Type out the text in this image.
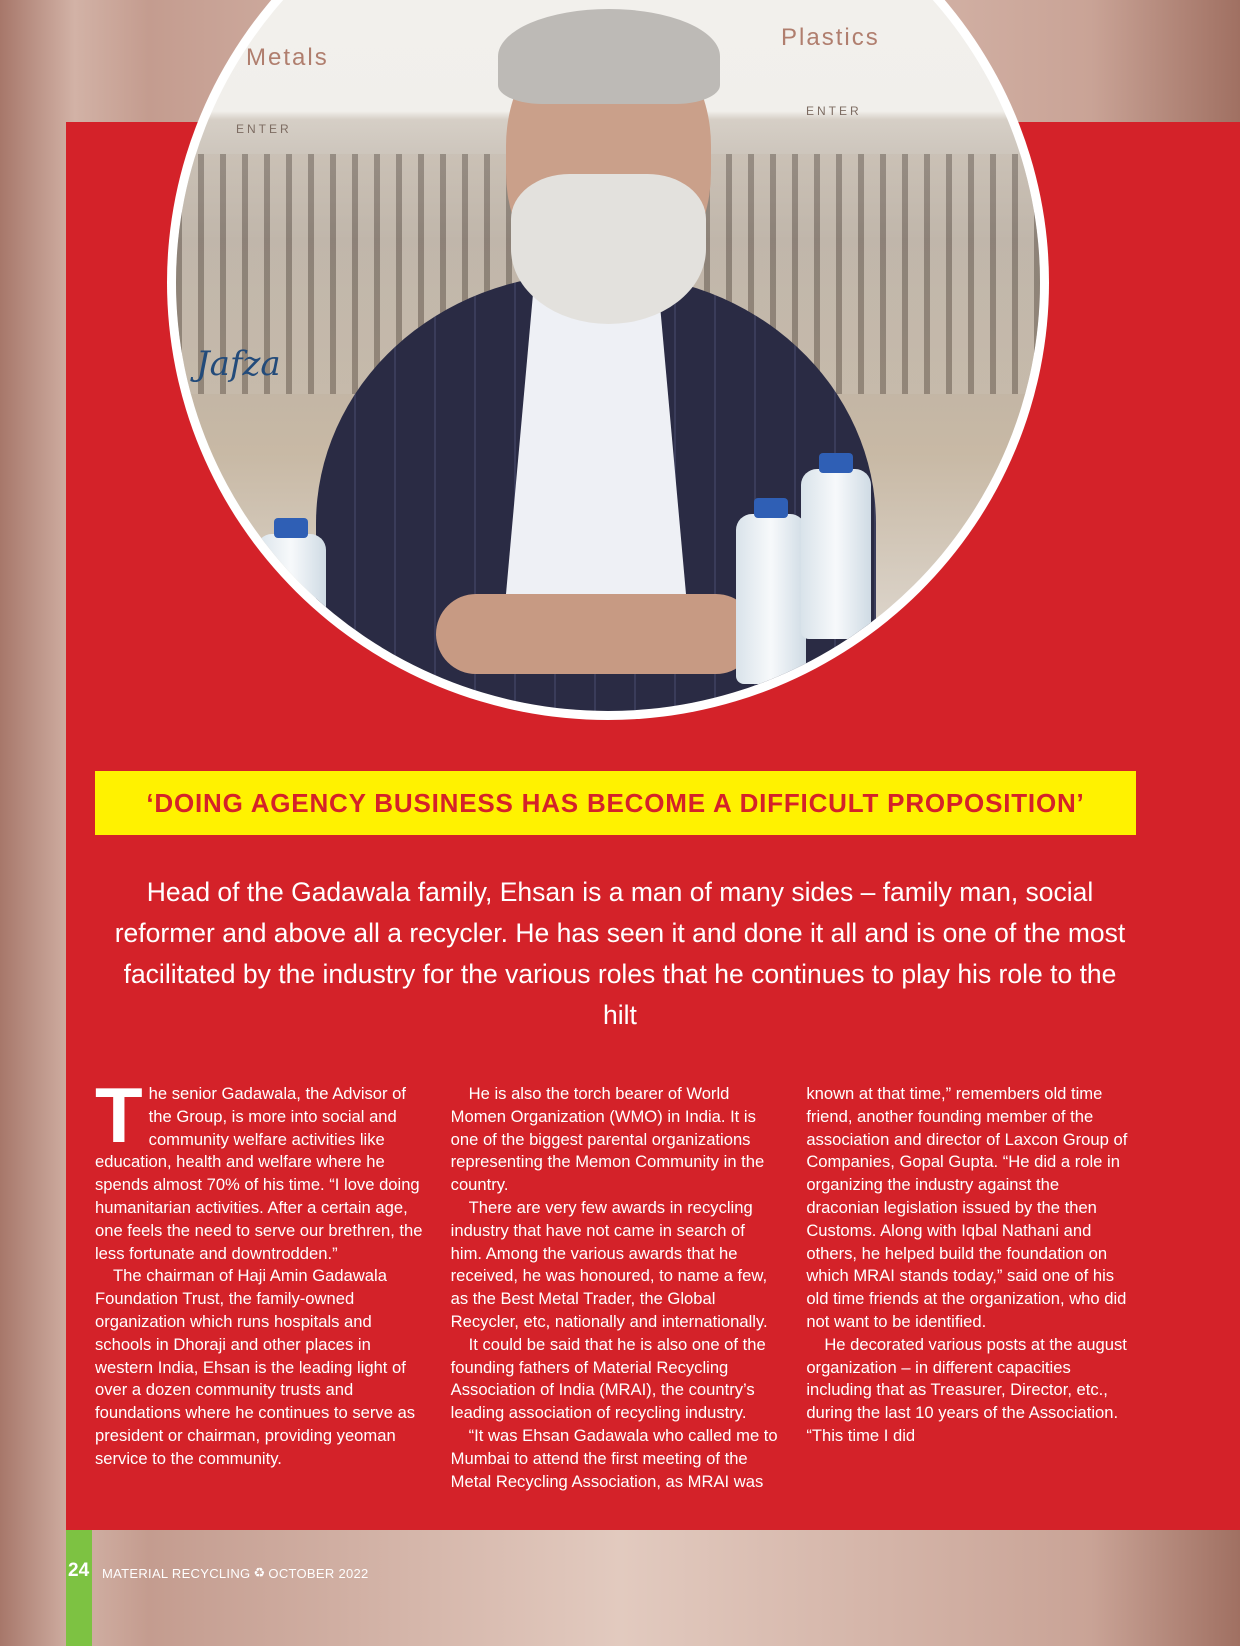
Metals
Plastics
ENTER
ENTER
Jafza
‘DOING AGENCY BUSINESS HAS BECOME A DIFFICULT PROPOSITION’

Head of the Gadawala family, Ehsan is a man of many sides – family man, social reformer and above all a recycler. He has seen it and done it all and is one of the most facilitated by the industry for the various roles that he continues to play his role to the hilt

The senior Gadawala, the Advisor of the Group, is more into social and community welfare activities like education, health and welfare where he spends almost 70% of his time. “I love doing humanitarian activities. After a certain age, one feels the need to serve our brethren, the less fortunate and downtrodden.”

The chairman of Haji Amin Gadawala Foundation Trust, the family-owned organization which runs hospitals and schools in Dhoraji and other places in western India, Ehsan is the leading light of over a dozen community trusts and foundations where he continues to serve as president or chairman, providing yeoman service to the community.

He is also the torch bearer of World Momen Organization (WMO) in India. It is one of the biggest parental organizations representing the Memon Community in the country.

There are very few awards in recycling industry that have not came in search of him. Among the various awards that he received, he was honoured, to name a few, as the Best Metal Trader, the Global Recycler, etc, nationally and internationally.

It could be said that he is also one of the founding fathers of Material Recycling Association of India (MRAI), the country’s leading association of recycling industry.

“It was Ehsan Gadawala who called me to Mumbai to attend the first meeting of the Metal Recycling Association, as MRAI was known at that time,” remembers old time friend, another founding member of the association and director of Laxcon Group of Companies, Gopal Gupta. “He did a role in organizing the industry against the draconian legislation issued by the then Customs. Along with Iqbal Nathani and others, he helped build the foundation on which MRAI stands today,” said one of his old time friends at the organization, who did not want to be identified.

He decorated various posts at the august organization – in different capacities including that as Treasurer, Director, etc., during the last 10 years of the Association. “This time I did

24 MATERIAL RECYCLING ♻ OCTOBER 2022
